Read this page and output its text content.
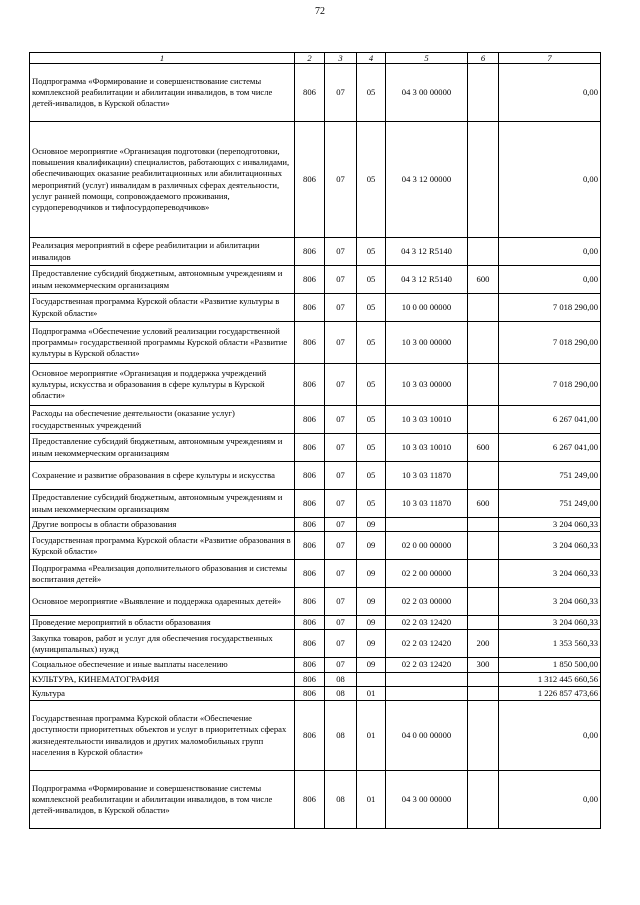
72
1	2	3	4	5	6	7
Подпрограмма «Формирование и совершенствование системы комплексной реабилитации и абилитации инвалидов, в том числе детей-инвалидов, в Курской области»	806	07	05	04 3 00 00000		0,00
Основное мероприятие «Организация подготовки (переподготовки, повышения квалификации) специалистов, работающих с инвалидами, обеспечивающих оказание реабилитационных или абилитационных мероприятий (услуг) инвалидам в различных сферах деятельности, услуг ранней помощи, сопровождаемого проживания, сурдопереводчиков и тифлосурдопереводчиков»	806	07	05	04 3 12 00000		0,00
Реализация мероприятий в сфере реабилитации и абилитации инвалидов	806	07	05	04 3 12 R5140		0,00
Предоставление субсидий бюджетным, автономным учреждениям и иным некоммерческим организациям	806	07	05	04 3 12 R5140	600	0,00
Государственная программа Курской области «Развитие культуры в Курской области»	806	07	05	10 0 00 00000		7 018 290,00
Подпрограмма «Обеспечение условий реализации государственной программы» государственной программы Курской области «Развитие культуры в Курской области»	806	07	05	10 3 00 00000		7 018 290,00
Основное мероприятие «Организация и поддержка учреждений культуры, искусства и образования в сфере культуры в Курской области»	806	07	05	10 3 03 00000		7 018 290,00
Расходы на обеспечение деятельности (оказание услуг) государственных учреждений	806	07	05	10 3 03 10010		6 267 041,00
Предоставление субсидий бюджетным, автономным учреждениям и иным некоммерческим организациям	806	07	05	10 3 03 10010	600	6 267 041,00
Сохранение и развитие образования в сфере культуры и искусства	806	07	05	10 3 03 11870		751 249,00
Предоставление субсидий бюджетным, автономным учреждениям и иным некоммерческим организациям	806	07	05	10 3 03 11870	600	751 249,00
Другие вопросы в области образования	806	07	09			3 204 060,33
Государственная программа Курской области «Развитие образования в Курской области»	806	07	09	02 0 00 00000		3 204 060,33
Подпрограмма «Реализация дополнительного образования и системы воспитания детей»	806	07	09	02 2 00 00000		3 204 060,33
Основное мероприятие «Выявление и поддержка одаренных детей»	806	07	09	02 2 03 00000		3 204 060,33
Проведение мероприятий в области образования	806	07	09	02 2 03 12420		3 204 060,33
Закупка товаров, работ и услуг для обеспечения государственных (муниципальных) нужд	806	07	09	02 2 03 12420	200	1 353 560,33
Социальное обеспечение и иные выплаты населению	806	07	09	02 2 03 12420	300	1 850 500,00
КУЛЬТУРА, КИНЕМАТОГРАФИЯ	806	08				1 312 445 660,56
Культура	806	08	01			1 226 857 473,66
Государственная программа Курской области «Обеспечение доступности приоритетных объектов и услуг в приоритетных сферах жизнедеятельности инвалидов и других маломобильных групп населения в Курской области»	806	08	01	04 0 00 00000		0,00
Подпрограмма «Формирование и совершенствование системы комплексной реабилитации и абилитации инвалидов, в том числе детей-инвалидов, в Курской области»	806	08	01	04 3 00 00000		0,00
